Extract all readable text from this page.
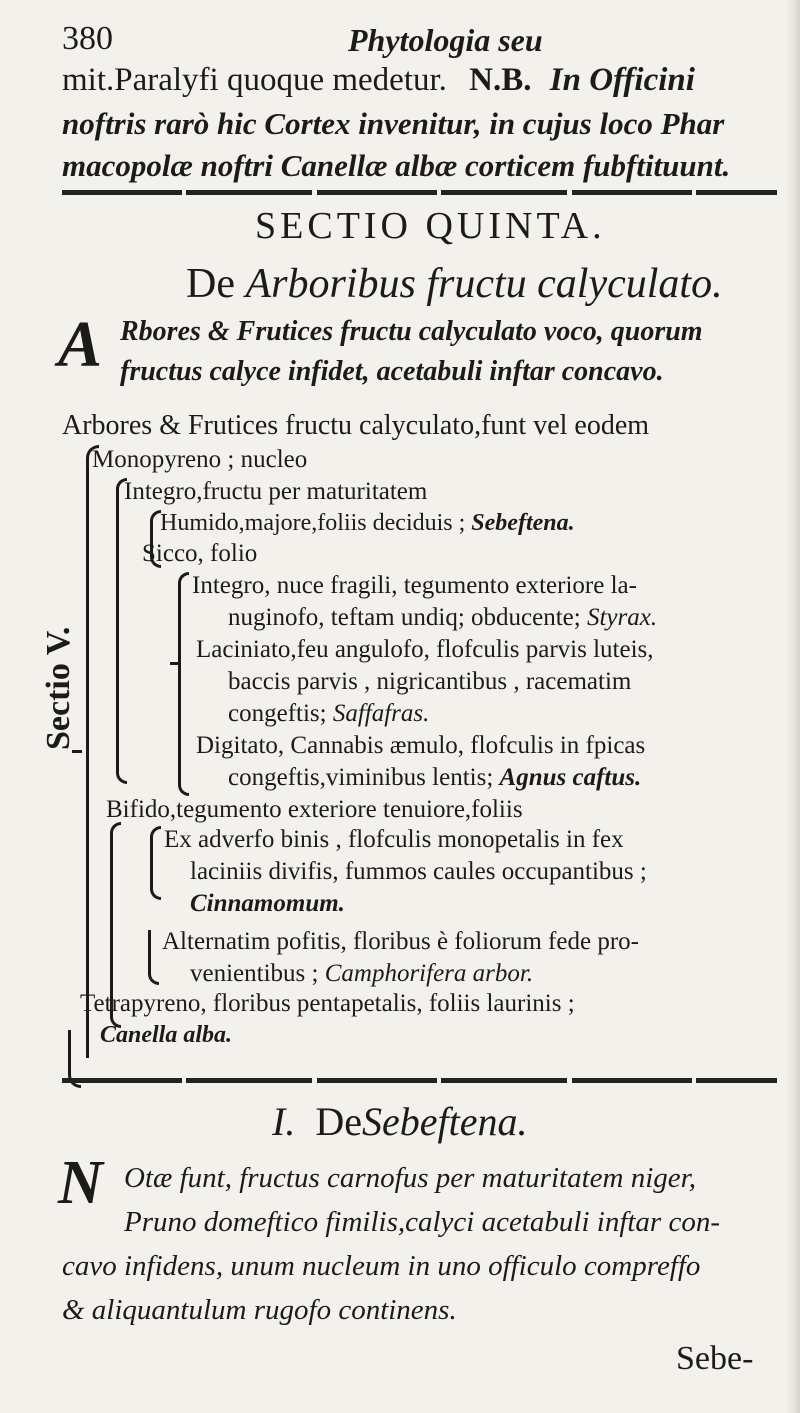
380	Phytologia seu
mit.Paralyfi quoque medetur. N.B. In Officini
noftris rarò hic Cortex invenitur, in cujus loco Phar
macopolæ noftri Canellæ albæ corticem fubftituunt.
SECTIO QUINTA.
De Arboribus fructu calyculato.
A Rbores & Frutices fructu calyculato voco, quorum
fructus calyce infidet, acetabuli inftar concavo.
Arbores & Frutices fructu calyculato,funt vel eodem
Monopyreno ; nucleo
Integro,fructu per maturitatem
Humido,majore,foliis deciduis ; Sebeftena.
Sicco, folio
Integro, nuce fragili, tegumento exteriore la-
nuginofo, teftam undiq; obducente; Styrax.
Laciniato,feu angulofo, flofculis parvis luteis,
baccis parvis , nigricantibus , racematim
congeftis; Saffafras.
Digitato, Cannabis æmulo, flofculis in fpicas
congeftis,viminibus lentis; Agnus caftus.
Bifido,tegumento exteriore tenuiore,foliis
Ex adverfo binis , flofculis monopetalis in fex
laciniis divifis, fummos caules occupantibus ;
Cinnamomum.
Alternatim pofitis, floribus è foliorum fede pro-
venientibus ; Camphorifera arbor.
Tetrapyreno, floribus pentapetalis, foliis laurinis ;
Canella alba.
Sectio V.
I. DeSebeftena.
N Otæ funt, fructus carnofus per maturitatem niger,
Pruno domeftico fimilis,calyci acetabuli inftar con-
cavo infidens, unum nucleum in uno officulo compreffo
& aliquantulum rugofo continens.
Sebe-
